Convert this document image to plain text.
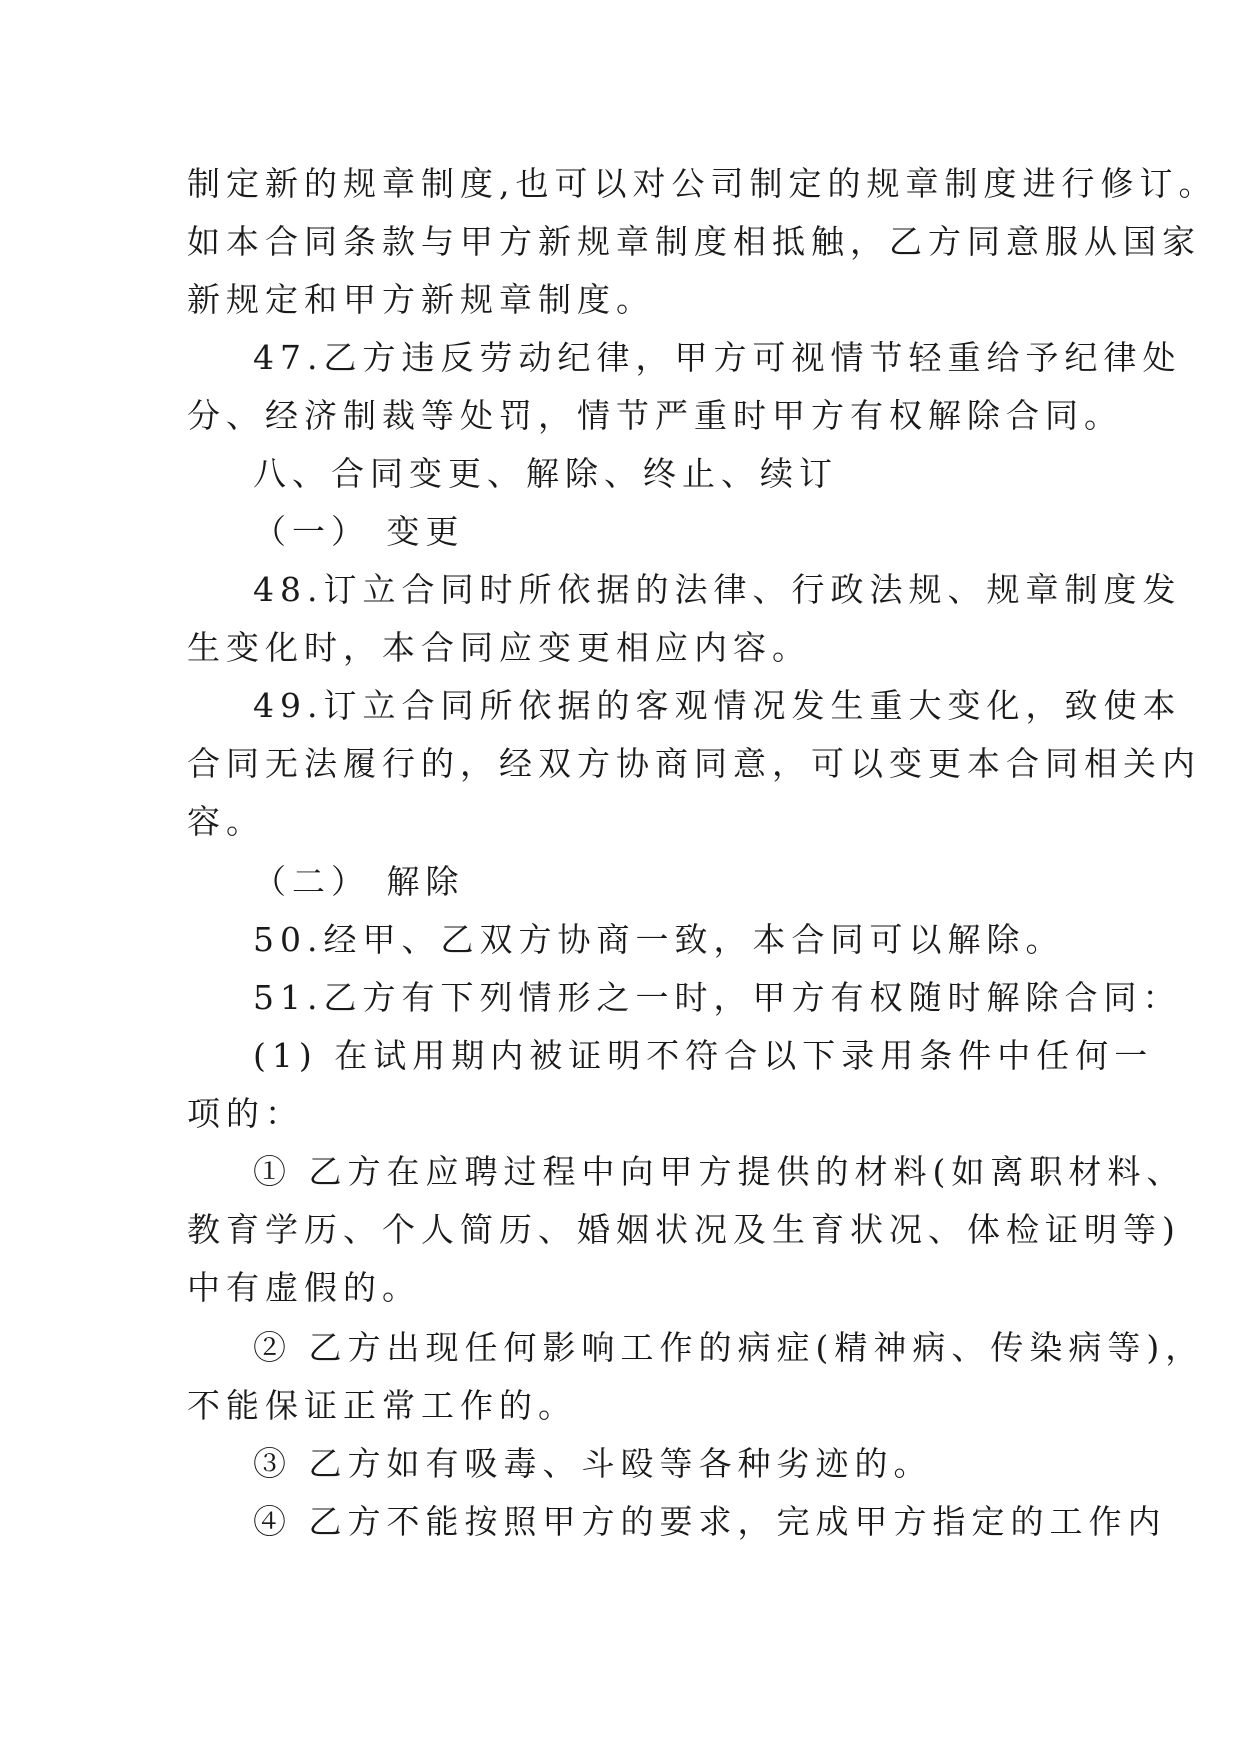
制定新的规章制度,也可以对公司制定的规章制度进行修订。
如本合同条款与甲方新规章制度相抵触，乙方同意服从国家
新规定和甲方新规章制度。
47.乙方违反劳动纪律，甲方可视情节轻重给予纪律处
分、经济制裁等处罚，情节严重时甲方有权解除合同。
八、合同变更、解除、终止、续订
（一） 变更
48.订立合同时所依据的法律、行政法规、规章制度发
生变化时，本合同应变更相应内容。
49.订立合同所依据的客观情况发生重大变化，致使本
合同无法履行的，经双方协商同意，可以变更本合同相关内
容。
（二） 解除
50.经甲、乙双方协商一致，本合同可以解除。
51.乙方有下列情形之一时，甲方有权随时解除合同：
(1) 在试用期内被证明不符合以下录用条件中任何一
项的：
① 乙方在应聘过程中向甲方提供的材料(如离职材料、
教育学历、个人简历、婚姻状况及生育状况、体检证明等)
中有虚假的。
② 乙方出现任何影响工作的病症(精神病、传染病等)，
不能保证正常工作的。
③ 乙方如有吸毒、斗殴等各种劣迹的。
④ 乙方不能按照甲方的要求，完成甲方指定的工作内
